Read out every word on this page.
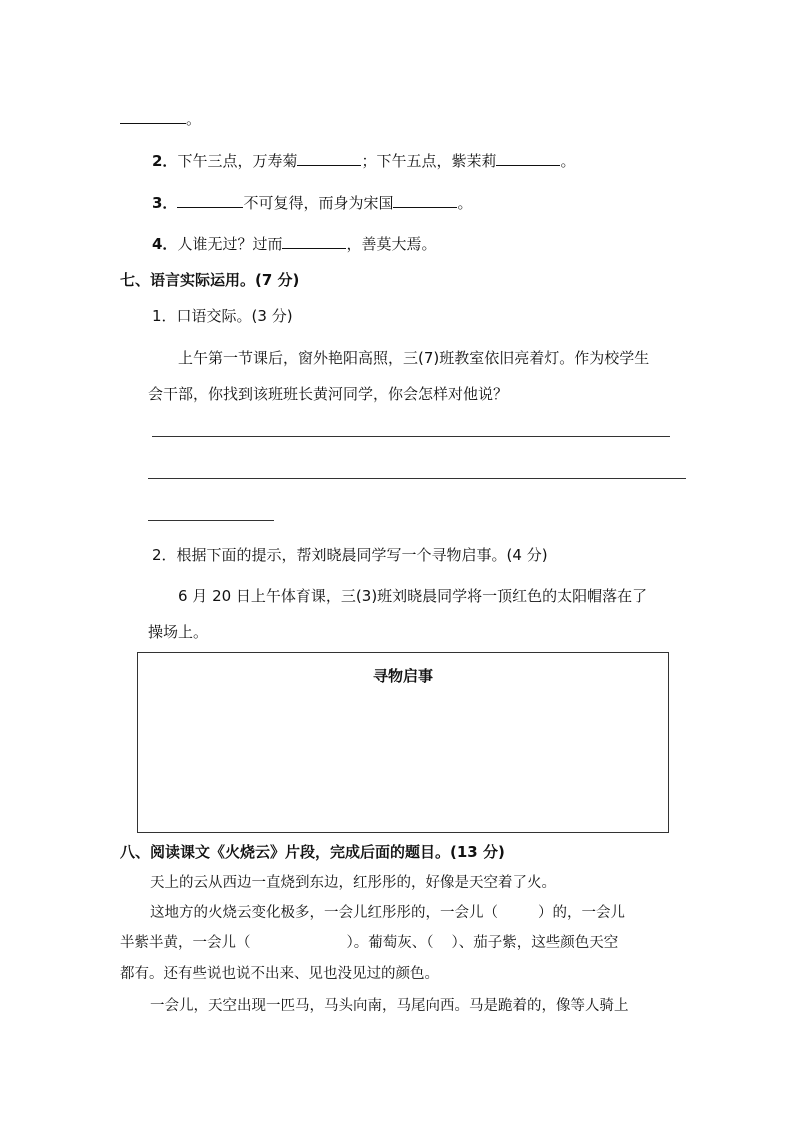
。
2．下午三点，万寿菊	；下午五点，紫茉莉	。
3．	不可复得，而身为宋国	。
4．人谁无过？过而	，善莫大焉。
七、语言实际运用。(7 分)
1．口语交际。(3 分)
上午第一节课后，窗外艳阳高照，三(7)班教室依旧亮着灯。作为校学生
会干部，你找到该班班长黄河同学，你会怎样对他说？
2．根据下面的提示，帮刘晓晨同学写一个寻物启事。(4 分)
6 月 20 日上午体育课，三(3)班刘晓晨同学将一顶红色的太阳帽落在了
操场上。
寻物启事
八、阅读课文《火烧云》片段，完成后面的题目。(13 分)
天上的云从西边一直烧到东边，红彤彤的，好像是天空着了火。
这地方的火烧云变化极多，一会儿红彤彤的，一会儿（	）的，一会儿
半紫半黄，一会儿（	）。葡萄灰、（ ）、茄子紫，这些颜色天空
都有。还有些说也说不出来、见也没见过的颜色。
一会儿，天空出现一匹马，马头向南，马尾向西。马是跪着的，像等人骑上
